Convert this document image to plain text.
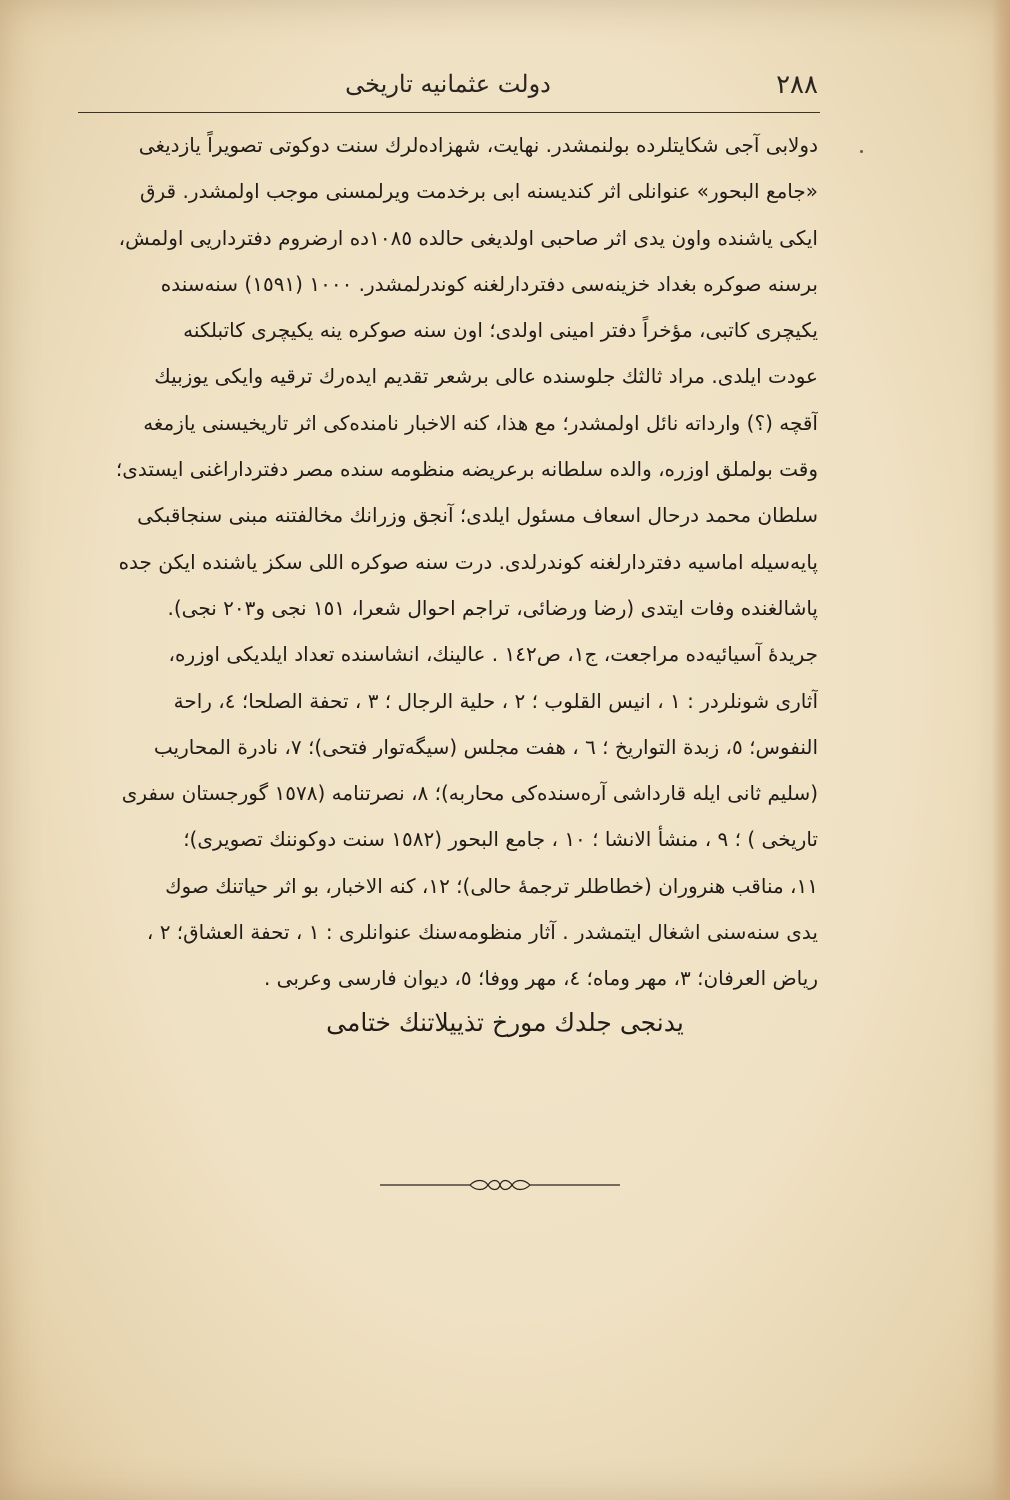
٢٨٨
دولت عثمانيه تاريخى
دولابى آجى شكايتلرده بولنمشدر. نهايت، شهزاده‌لرك سنت دوكوتى تصويراً يازديغى
«جامع البحور» عنوانلى اثر كنديسنه ابى برخدمت ويرلمسنى موجب اولمشدر. قرق
ايكى ياشنده واون يدى اثر صاحبى اولديغى حالده ١٠٨٥ده ارضروم دفترداريى اولمش،
برسنه صوكره بغداد خزينه‌سى دفتردارلغنه كوندرلمشدر. ١٠٠٠ (١٥٩١) سنه‌سنده
يكيچرى كاتبى، مؤخراً دفتر امينى اولدى؛ اون سنه صوكره ينه يكيچرى كاتبلكنه
عودت ايلدى. مراد ثالثك جلوسنده عالى برشعر تقديم ايده‌رك ترقيه وايكى يوزبيك
آقچه (؟) وارداته نائل اولمشدر؛ مع هذا، كنه الاخبار نامنده‌كى اثر تاريخيسنى يازمغه
وقت بولملق اوزره، والده سلطانه برعريضه منظومه سنده مصر دفترداراغنى ايستدى؛
سلطان محمد درحال اسعاف مسئول ايلدى؛ آنجق وزرانك مخالفتنه مبنى سنجاقبكى
پايه‌سيله اماسيه دفتردارلغنه كوندرلدى. درت سنه صوكره اللى سكز ياشنده ايكن جده
پاشالغنده وفات ايتدى (رضا ورضائى، تراجم احوال شعرا، ١٥١ نجى و٢٠٣ نجى).
جريدهٔ آسيائيه‌ده مراجعت، ج١، ص١٤٢ . عالينك، انشاسنده تعداد ايلديكى اوزره،
آثارى شونلردر : ١ ، انيس القلوب ؛ ٢ ، حلية الرجال ؛ ٣ ، تحفة الصلحا؛ ٤، راحة
النفوس؛ ٥، زبدة التواريخ ؛ ٦ ، هفت مجلس (سيگه‌توار فتحى)؛ ٧، نادرة المحاريب
(سليم ثانى ايله قارداشى آره‌سنده‌كى محاربه)؛ ٨، نصرتنامه (١٥٧٨ گورجستان سفرى
تاريخى ) ؛ ٩ ، منشأ الانشا ؛ ١٠ ، جامع البحور (١٥٨٢ سنت دوكوننك تصويرى)؛
١١، مناقب هنروران (خطاطلر ترجمهٔ حالى)؛ ١٢، كنه الاخبار، بو اثر حياتنك صوك
يدى سنه‌سنى اشغال ايتمشدر . آثار منظومه‌سنك عنوانلرى : ١ ، تحفة العشاق؛ ٢ ،
رياض العرفان؛ ٣، مهر وماه؛ ٤، مهر ووفا؛ ٥، ديوان فارسى وعربى .
يدنجى جلدك مورخ تذييلاتنك ختامى
